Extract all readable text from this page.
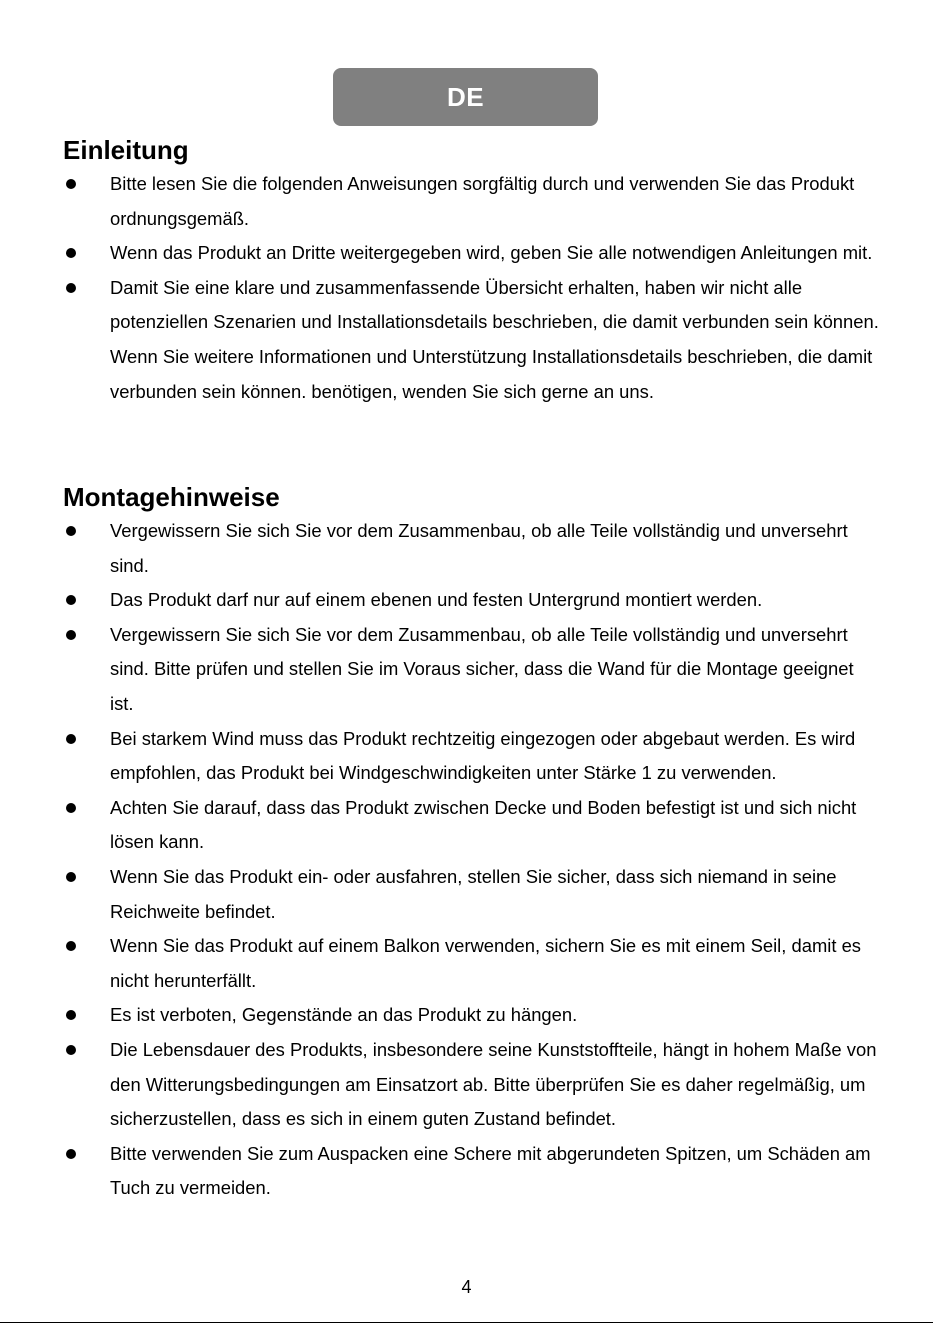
DE
Einleitung
Bitte lesen Sie die folgenden Anweisungen sorgfältig durch und verwenden Sie das Produkt ordnungsgemäß.
Wenn das Produkt an Dritte weitergegeben wird, geben Sie alle notwendigen Anleitungen mit.
Damit Sie eine klare und zusammenfassende Übersicht erhalten, haben wir nicht alle potenziellen Szenarien und Installationsdetails beschrieben, die damit verbunden sein können. Wenn Sie weitere Informationen und Unterstützung Installationsdetails beschrieben, die damit verbunden sein können. benötigen, wenden Sie sich gerne an uns.
Montagehinweise
Vergewissern Sie sich Sie vor dem Zusammenbau, ob alle Teile vollständig und unversehrt sind.
Das Produkt darf nur auf einem ebenen und festen Untergrund montiert werden.
Vergewissern Sie sich Sie vor dem Zusammenbau, ob alle Teile vollständig und unversehrt sind. Bitte prüfen und stellen Sie im Voraus sicher, dass die Wand für die Montage geeignet ist.
Bei starkem Wind muss das Produkt rechtzeitig eingezogen oder abgebaut werden. Es wird empfohlen, das Produkt bei Windgeschwindigkeiten unter Stärke 1 zu verwenden.
Achten Sie darauf, dass das Produkt zwischen Decke und Boden befestigt ist und sich nicht lösen kann.
Wenn Sie das Produkt ein- oder ausfahren, stellen Sie sicher, dass sich niemand in seine Reichweite befindet.
Wenn Sie das Produkt auf einem Balkon verwenden, sichern Sie es mit einem Seil, damit es nicht herunterfällt.
Es ist verboten, Gegenstände an das Produkt zu hängen.
Die Lebensdauer des Produkts, insbesondere seine Kunststoffteile, hängt in hohem Maße von den Witterungsbedingungen am Einsatzort ab. Bitte überprüfen Sie es daher regelmäßig, um sicherzustellen, dass es sich in einem guten Zustand befindet.
Bitte verwenden Sie zum Auspacken eine Schere mit abgerundeten Spitzen, um Schäden am Tuch zu vermeiden.
4
